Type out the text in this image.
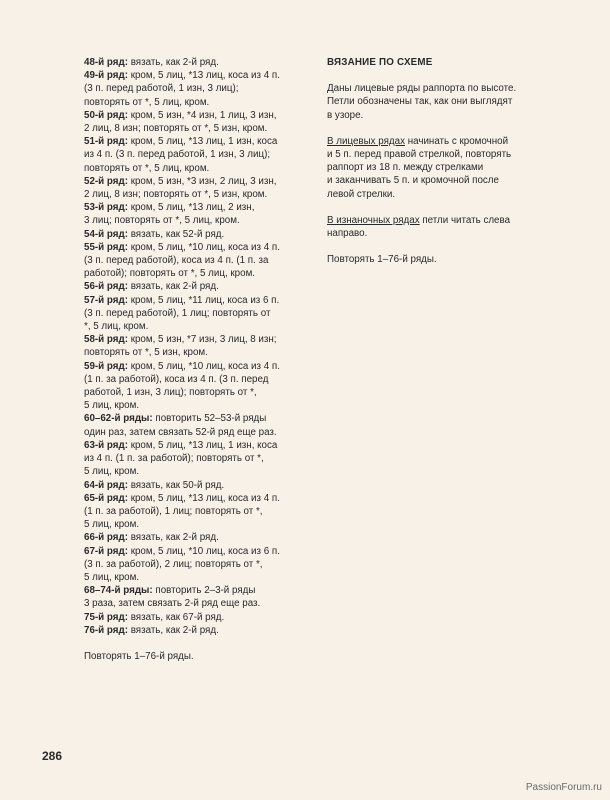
48-й ряд: вязать, как 2-й ряд.
49-й ряд: кром, 5 лиц, *13 лиц, коса из 4 п.
(3 п. перед работой, 1 изн, 3 лиц);
повторять от *, 5 лиц, кром.
50-й ряд: кром, 5 изн, *4 изн, 1 лиц, 3 изн,
2 лиц, 8 изн; повторять от *, 5 изн, кром.
51-й ряд: кром, 5 лиц, *13 лиц, 1 изн, коса
из 4 п. (3 п. перед работой, 1 изн, 3 лиц);
повторять от *, 5 лиц, кром.
52-й ряд: кром, 5 изн, *3 изн, 2 лиц, 3 изн,
2 лиц, 8 изн; повторять от *, 5 изн, кром.
53-й ряд: кром, 5 лиц, *13 лиц, 2 изн,
3 лиц; повторять от *, 5 лиц, кром.
54-й ряд: вязать, как 52-й ряд.
55-й ряд: кром, 5 лиц, *10 лиц, коса из 4 п.
(3 п. перед работой), коса из 4 п. (1 п. за
работой); повторять от *, 5 лиц, кром.
56-й ряд: вязать, как 2-й ряд.
57-й ряд: кром, 5 лиц, *11 лиц, коса из 6 п.
(3 п. перед работой), 1 лиц; повторять от
*, 5 лиц, кром.
58-й ряд: кром, 5 изн, *7 изн, 3 лиц, 8 изн;
повторять от *, 5 изн, кром.
59-й ряд: кром, 5 лиц, *10 лиц, коса из 4 п.
(1 п. за работой), коса из 4 п. (3 п. перед
работой, 1 изн, 3 лиц); повторять от *,
5 лиц, кром.
60–62-й ряды: повторить 52–53-й ряды
один раз, затем связать 52-й ряд еще раз.
63-й ряд: кром, 5 лиц, *13 лиц, 1 изн, коса
из 4 п. (1 п. за работой); повторять от *,
5 лиц, кром.
64-й ряд: вязать, как 50-й ряд.
65-й ряд: кром, 5 лиц, *13 лиц, коса из 4 п.
(1 п. за работой), 1 лиц; повторять от *,
5 лиц, кром.
66-й ряд: вязать, как 2-й ряд.
67-й ряд: кром, 5 лиц, *10 лиц, коса из 6 п.
(3 п. за работой), 2 лиц; повторять от *,
5 лиц, кром.
68–74-й ряды: повторить 2–3-й ряды
3 раза, затем связать 2-й ряд еще раз.
75-й ряд: вязать, как 67-й ряд.
76-й ряд: вязать, как 2-й ряд.
Повторять 1–76-й ряды.
ВЯЗАНИЕ ПО СХЕМЕ
Даны лицевые ряды раппорта по высоте.
Петли обозначены так, как они выглядят
в узоре.
В лицевых рядах начинать с кромочной
и 5 п. перед правой стрелкой, повторять
раппорт из 18 п. между стрелками
и заканчивать 5 п. и кромочной после
левой стрелки.
В изнаночных рядах петли читать слева
направо.
Повторять 1–76-й ряды.
286
PassionForum.ru
